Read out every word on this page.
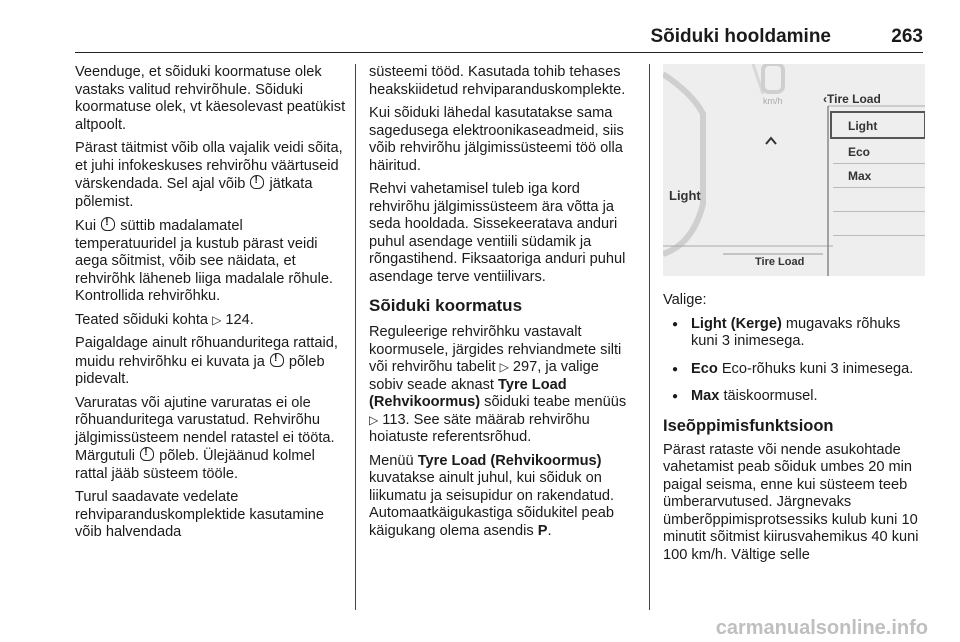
Sõiduki hooldamine	263

Veenduge, et sõiduki koormatuse olek vastaks valitud rehvirõhule. Sõiduki koormatuse olek, vt käesolevast peatükist altpoolt.

Pärast täitmist võib olla vajalik veidi sõita, et juhi infokeskuses rehvirõhu väärtuseid värskendada. Sel ajal võib ! jätkata põlemist.

Kui ! süttib madalamatel temperatuuridel ja kustub pärast veidi aega sõitmist, võib see näidata, et rehvirõhk läheneb liiga madalale rõhule. Kontrollida rehvirõhku.

Teated sõiduki kohta ▷ 124.

Paigaldage ainult rõhuanduritega rattaid, muidu rehvirõhku ei kuvata ja ! põleb pidevalt.

Varuratas või ajutine varuratas ei ole rõhuanduritega varustatud. Rehvirõhu jälgimissüsteem nendel ratastel ei tööta. Märgutuli ! põleb. Ülejäänud kolmel rattal jääb süsteem tööle.

Turul saadavate vedelate rehviparanduskomplektide kasutamine võib halvendada

süsteemi tööd. Kasutada tohib tehases heakskiidetud rehviparanduskomplekte.

Kui sõiduki lähedal kasutatakse sama sagedusega elektroonikaseadmeid, siis võib rehvirõhu jälgimissüsteemi töö olla häiritud.

Rehvi vahetamisel tuleb iga kord rehvirõhu jälgimissüsteem ära võtta ja seda hooldada. Sissekeeratava anduri puhul asendage ventiili südamik ja rõngastihend. Fiksaatoriga anduri puhul asendage terve ventiilivars.

Sõiduki koormatus

Reguleerige rehvirõhku vastavalt koormusele, järgides rehviandmete silti või rehvirõhu tabelit ▷ 297, ja valige sobiv seade aknast Tyre Load (Rehvikoormus) sõiduki teabe menüüs ▷ 113. See säte määrab rehvirõhu hoiatuste referentsrõhud.

Menüü Tyre Load (Rehvikoormus) kuvatakse ainult juhul, kui sõiduk on liikumatu ja seisupidur on rakendatud. Automaatkäigukastiga sõidukitel peab käigukang olema asendis P.

km/h	‹Tire Load
Light
Tire Load
Light
Eco
Max

Valige:

● Light (Kerge) mugavaks rõhuks kuni 3 inimesega.
● Eco Eco-rõhuks kuni 3 inimesega.
● Max täiskoormusel.
Iseõppimisfunktsioon

Pärast rataste või nende asukohtade vahetamist peab sõiduk umbes 20 min paigal seisma, enne kui süsteem teeb ümberarvutused. Järgnevaks ümberõppimisprotsessiks kulub kuni 10 minutit sõitmist kiirusvahemikus 40 kuni 100 km/h. Vältige selle

carmanualsonline.info
